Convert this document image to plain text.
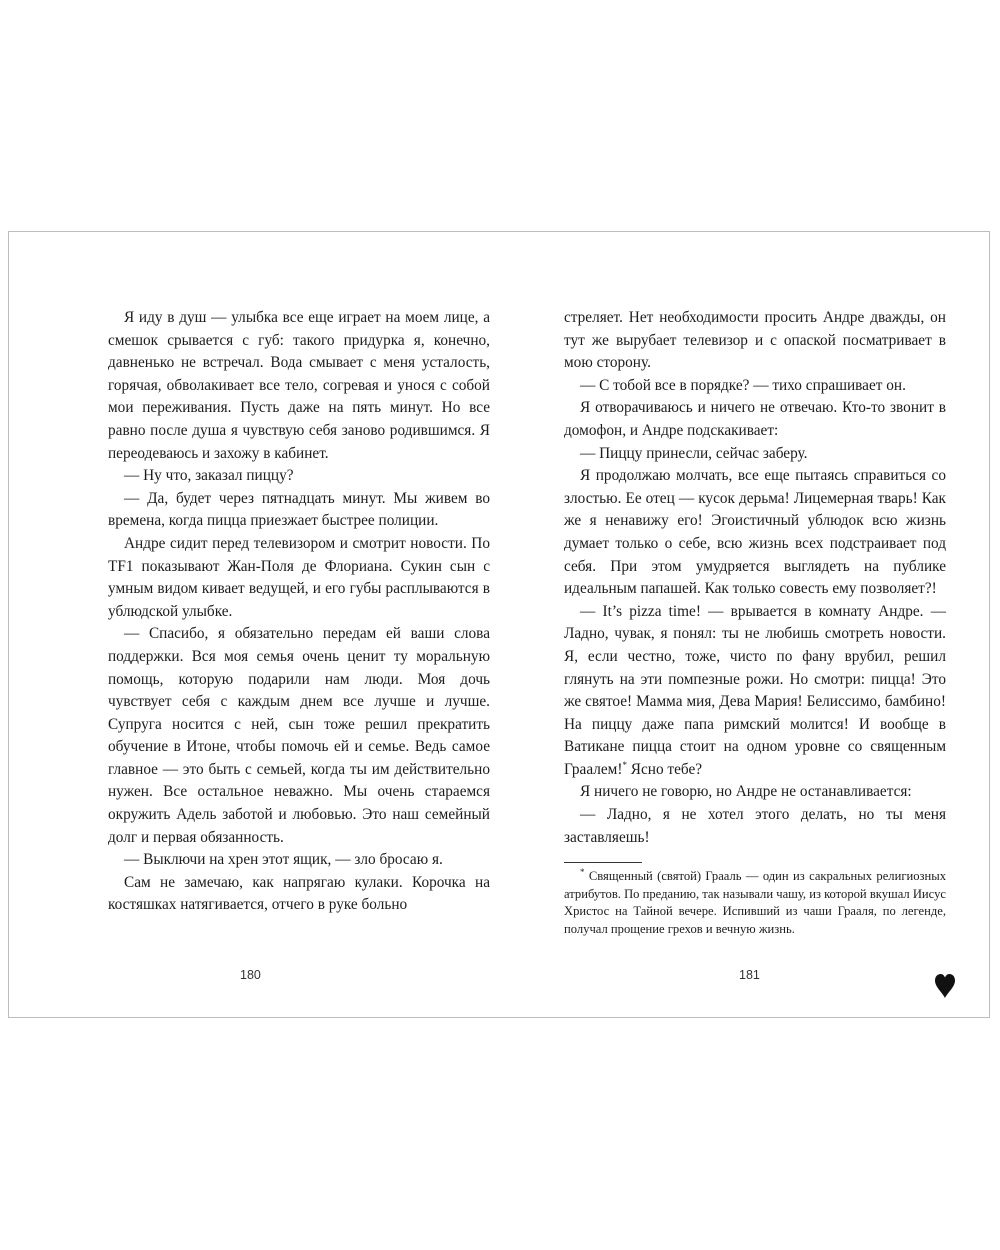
Я иду в душ — улыбка все еще играет на моем лице, а смешок срывается с губ: такого придурка я, конечно, давненько не встречал. Вода смывает с меня усталость, горячая, обволакивает все тело, согревая и унося с собой мои переживания. Пусть даже на пять минут. Но все равно после душа я чувствую себя заново родившимся. Я переодеваюсь и захожу в кабинет.

— Ну что, заказал пиццу?

— Да, будет через пятнадцать минут. Мы живем во времена, когда пицца приезжает быстрее полиции.

Андре сидит перед телевизором и смотрит новости. По TF1 показывают Жан-Поля де Флориана. Сукин сын с умным видом кивает ведущей, и его губы расплываются в ублюдской улыбке.

— Спасибо, я обязательно передам ей ваши слова поддержки. Вся моя семья очень ценит ту моральную помощь, которую подарили нам люди. Моя дочь чувствует себя с каждым днем все лучше и лучше. Супруга носится с ней, сын тоже решил прекратить обучение в Итоне, чтобы помочь ей и семье. Ведь самое главное — это быть с семьей, когда ты им действительно нужен. Все остальное неважно. Мы очень стараемся окружить Адель заботой и любовью. Это наш семейный долг и первая обязанность.

— Выключи на хрен этот ящик, — зло бросаю я.

Сам не замечаю, как напрягаю кулаки. Корочка на костяшках натягивается, отчего в руке больно

стреляет. Нет необходимости просить Андре дважды, он тут же вырубает телевизор и с опаской посматривает в мою сторону.

— С тобой все в порядке? — тихо спрашивает он.

Я отворачиваюсь и ничего не отвечаю. Кто-то звонит в домофон, и Андре подскакивает:

— Пиццу принесли, сейчас заберу.

Я продолжаю молчать, все еще пытаясь справиться со злостью. Ее отец — кусок дерьма! Лицемерная тварь! Как же я ненавижу его! Эгоистичный ублюдок всю жизнь думает только о себе, всю жизнь всех подстраивает под себя. При этом умудряется выглядеть на публике идеальным папашей. Как только совесть ему позволяет?!

— It’s pizza time! — врывается в комнату Андре. — Ладно, чувак, я понял: ты не любишь смотреть новости. Я, если честно, тоже, чисто по фану врубил, решил глянуть на эти помпезные рожи. Но смотри: пицца! Это же святое! Мамма мия, Дева Мария! Белиссимо, бамбино! На пиццу даже папа римский молится! И вообще в Ватикане пицца стоит на одном уровне со священным Граалем!* Ясно тебе?

Я ничего не говорю, но Андре не останавливается:

— Ладно, я не хотел этого делать, но ты меня заставляешь!

* Священный (святой) Грааль — один из сакральных религиозных атрибутов. По преданию, так называли чашу, из которой вкушал Иисус Христос на Тайной вечере. Испивший из чаши Грааля, по легенде, получал прощение грехов и вечную жизнь.

180	181
